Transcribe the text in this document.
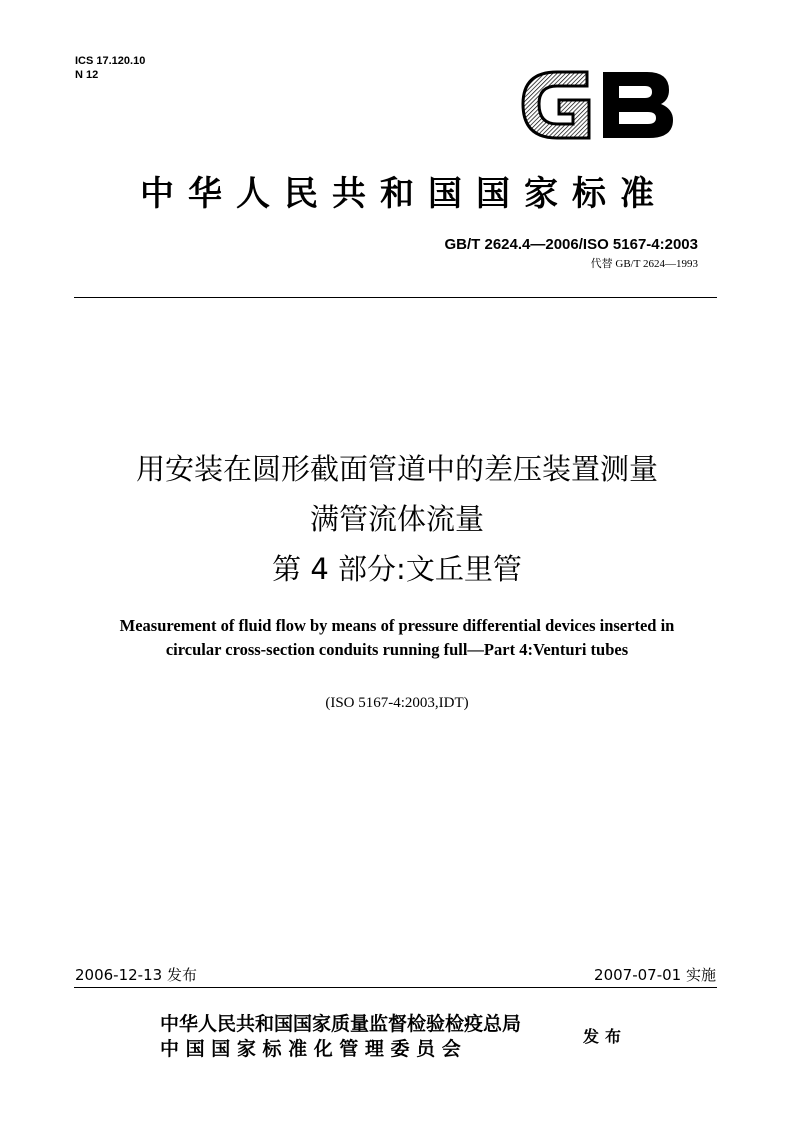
ICS 17.120.10
N 12
中华人民共和国国家标准
GB/T 2624.4—2006/ISO 5167-4:2003
代替 GB/T 2624—1993
用安装在圆形截面管道中的差压装置测量
满管流体流量
第 4 部分:文丘里管
Measurement of fluid flow by means of pressure differential devices inserted in
circular cross-section conduits running full—Part 4:Venturi tubes
(ISO 5167-4:2003,IDT)
2006-12-13 发布	2007-07-01 实施
中华人民共和国国家质量监督检验检疫总局
中 国 国 家 标 准 化 管 理 委 员 会
发布
